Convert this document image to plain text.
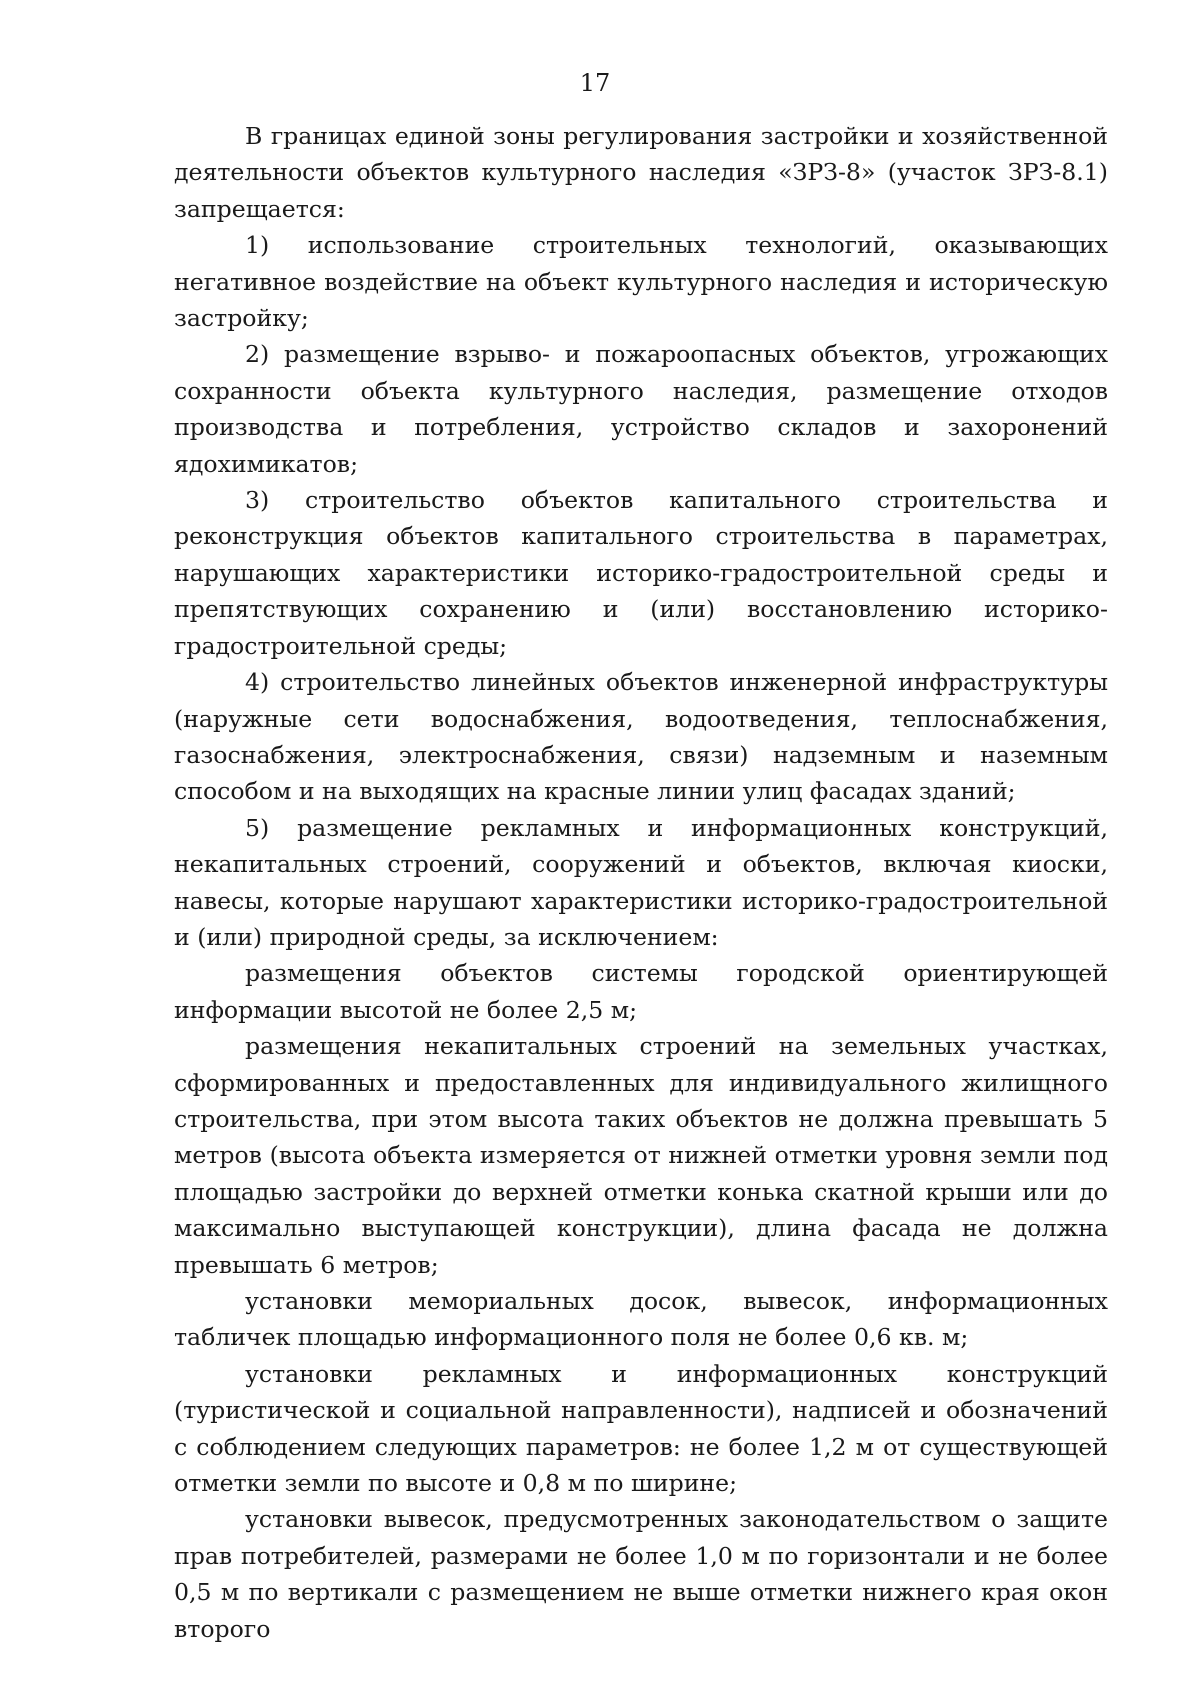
17

В границах единой зоны регулирования застройки и хозяйственной деятельности объектов культурного наследия «ЗРЗ-8» (участок ЗРЗ-8.1) запрещается:

1) использование строительных технологий, оказывающих негативное воздействие на объект культурного наследия и историческую застройку;

2) размещение взрыво- и пожароопасных объектов, угрожающих сохранности объекта культурного наследия, размещение отходов производства и потребления, устройство складов и захоронений ядохимикатов;

3) строительство объектов капитального строительства и реконструкция объектов капитального строительства в параметрах, нарушающих характеристики историко-градостроительной среды и препятствующих сохранению и (или) восстановлению историко-градостроительной среды;

4) строительство линейных объектов инженерной инфраструктуры (наружные сети водоснабжения, водоотведения, теплоснабжения, газоснабжения, электроснабжения, связи) надземным и наземным способом и на выходящих на красные линии улиц фасадах зданий;

5) размещение рекламных и информационных конструкций, некапитальных строений, сооружений и объектов, включая киоски, навесы, которые нарушают характеристики историко-градостроительной и (или) природной среды, за исключением:

размещения объектов системы городской ориентирующей информации высотой не более 2,5 м;

размещения некапитальных строений на земельных участках, сформированных и предоставленных для индивидуального жилищного строительства, при этом высота таких объектов не должна превышать 5 метров (высота объекта измеряется от нижней отметки уровня земли под площадью застройки до верхней отметки конька скатной крыши или до максимально выступающей конструкции), длина фасада не должна превышать 6 метров;

установки мемориальных досок, вывесок, информационных табличек площадью информационного поля не более 0,6 кв. м;

установки рекламных и информационных конструкций (туристической и социальной направленности), надписей и обозначений с соблюдением следующих параметров: не более 1,2 м от существующей отметки земли по высоте и 0,8 м по ширине;

установки вывесок, предусмотренных законодательством о защите прав потребителей, размерами не более 1,0 м по горизонтали и не более 0,5 м по вертикали с размещением не выше отметки нижнего края окон второго
